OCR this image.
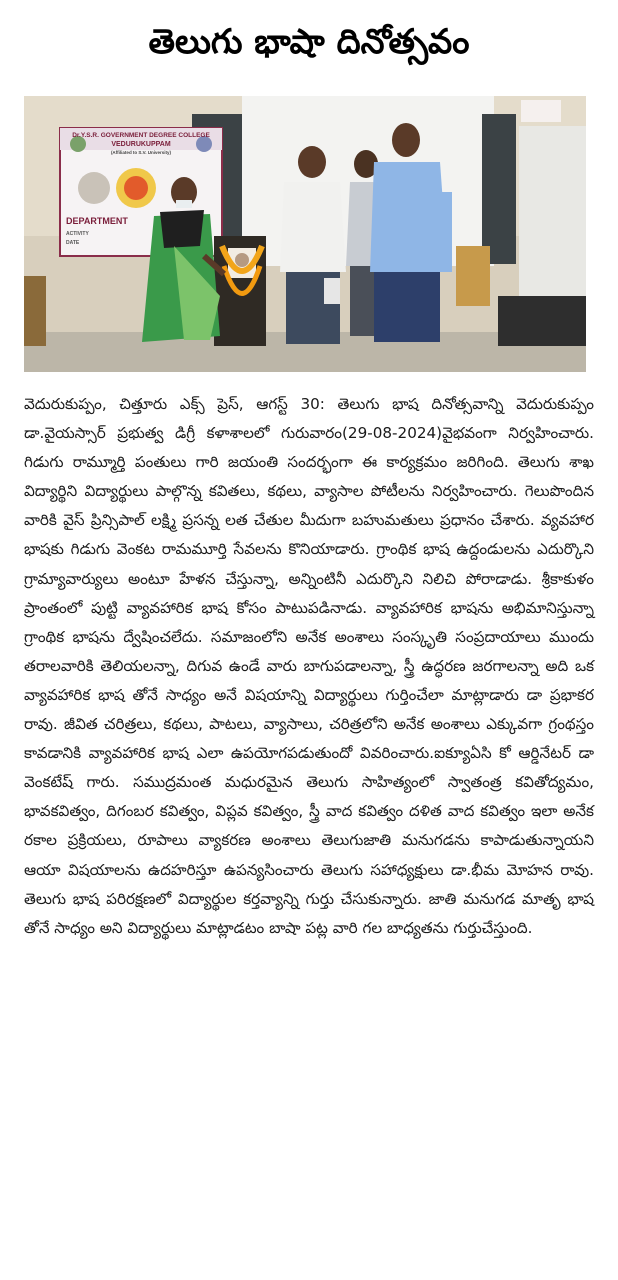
తెలుగు భాషా దినోత్సవం
Dr.Y.S.R. GOVERNMENT DEGREE COLLEGE
VEDURUKUPPAM
(Affiliated to S.V. University)
DEPARTMENT
ACTIVITY
DATE

వెదురుకుప్పం, చిత్తూరు ఎక్స్ ప్రెస్, ఆగస్ట్ 30: తెలుగు భాష దినోత్సవాన్ని వెదురుకుప్పం డా.వైయస్సార్ ప్రభుత్వ డిగ్రీ కళాశాలలో గురువారం(29-08-2024)వైభవంగా నిర్వహించారు. గిడుగు రామ్మూర్తి పంతులు గారి జయంతి సందర్భంగా ఈ కార్యక్రమం జరిగింది. తెలుగు శాఖ విద్యార్థిని విద్యార్థులు పాల్గొన్న కవితలు, కథలు, వ్యాసాల పోటీలను నిర్వహించారు. గెలుపొందిన వారికి వైస్ ప్రిన్సిపాల్ లక్ష్మి ప్రసన్న లత చేతుల మీదుగా బహుమతులు ప్రధానం చేశారు. వ్యవహార భాషకు గిడుగు వెంకట రామమూర్తి సేవలను కొనియాడారు. గ్రాంథిక భాష ఉద్దండులను ఎదుర్కొని గ్రామ్యావార్యులు అంటూ హేళన చేస్తున్నా, అన్నింటినీ ఎదుర్కొని నిలిచి పోరాడాడు. శ్రీకాకుళం ప్రాంతంలో పుట్టి వ్యావహారిక భాష కోసం పాటుపడినాడు. వ్యావహారిక భాషను అభిమానిస్తున్నా గ్రాంథిక భాషను ద్వేషించలేదు. సమాజంలోని అనేక అంశాలు సంస్కృతి సంప్రదాయాలు ముందు తరాలవారికి తెలియలన్నా, దిగువ ఉండే వారు బాగుపడాలన్నా, స్త్రీ ఉద్ధరణ జరగాలన్నా అది ఒక వ్యావహారిక భాష తోనే సాధ్యం అనే విషయాన్ని విద్యార్థులు గుర్తించేలా మాట్లాడారు డా ప్రభాకర రావు. జీవిత చరిత్రలు, కథలు, పాటలు, వ్యాసాలు, చరిత్రలోని అనేక అంశాలు ఎక్కువగా గ్రంథస్తం కావడానికి వ్యావహారిక భాష ఎలా ఉపయోగపడుతుందో వివరించారు.ఐక్యూఏసి కో ఆర్డినేటర్ డా వెంకటేష్ గారు. సముద్రమంత మధురమైన తెలుగు సాహిత్యంలో స్వాతంత్ర కవితోద్యమం, భావకవిత్వం, దిగంబర కవిత్వం, విప్లవ కవిత్వం, స్త్రీ వాద కవిత్వం దళిత వాద కవిత్వం ఇలా అనేక రకాల ప్రక్రియలు, రూపాలు వ్యాకరణ అంశాలు తెలుగుజాతి మనుగడను కాపాడుతున్నాయని ఆయా విషయాలను ఉదహరిస్తూ ఉపన్యసించారు తెలుగు సహాధ్యక్షులు డా.భీమ మోహన రావు. తెలుగు భాష పరిరక్షణలో విద్యార్థుల కర్తవ్యాన్ని గుర్తు చేసుకున్నారు. జాతి మనుగడ మాతృ భాష తోనే సాధ్యం అని విద్యార్థులు మాట్లాడటం బాషా పట్ల వారి గల బాధ్యతను గుర్తుచేస్తుంది.
